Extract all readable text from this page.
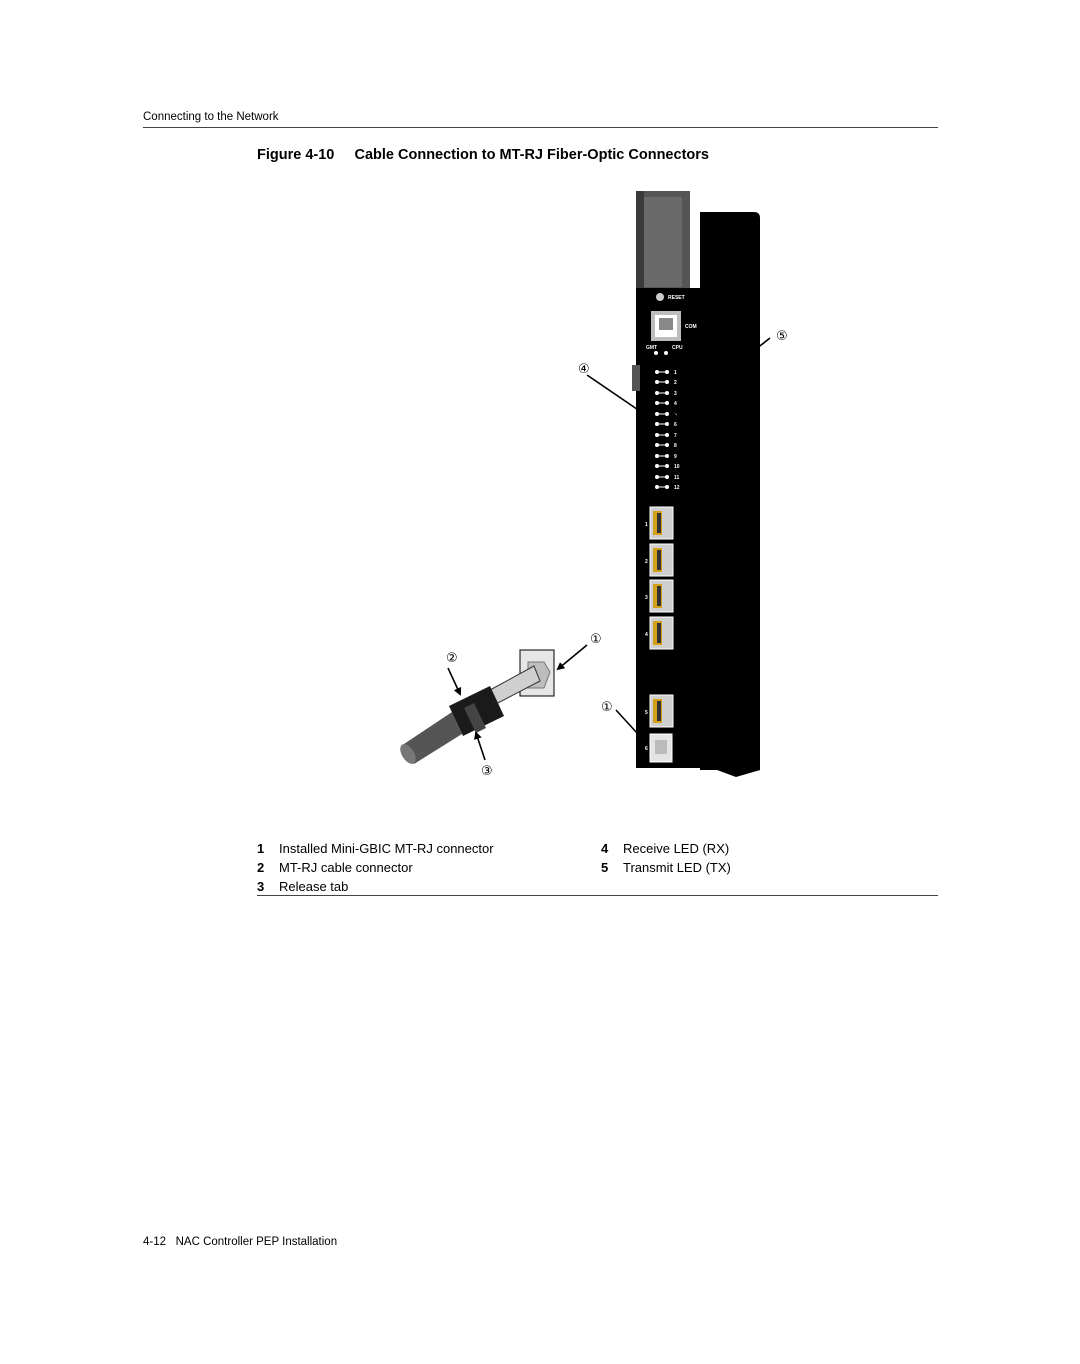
Connecting to the Network
Figure 4-10     Cable Connection to MT-RJ Fiber-Optic Connectors
RESET
COM
GMT	CPU
1
2
3
4
5
6
7
8
9
10
11
12
1
2
3
4
5
6
⑤
④
①
②
①
③
1 Installed Mini-GBIC MT-RJ connector
2 MT-RJ cable connector
3 Release tab
4 Receive LED (RX)
5 Transmit LED (TX)
4-12   NAC Controller PEP Installation
